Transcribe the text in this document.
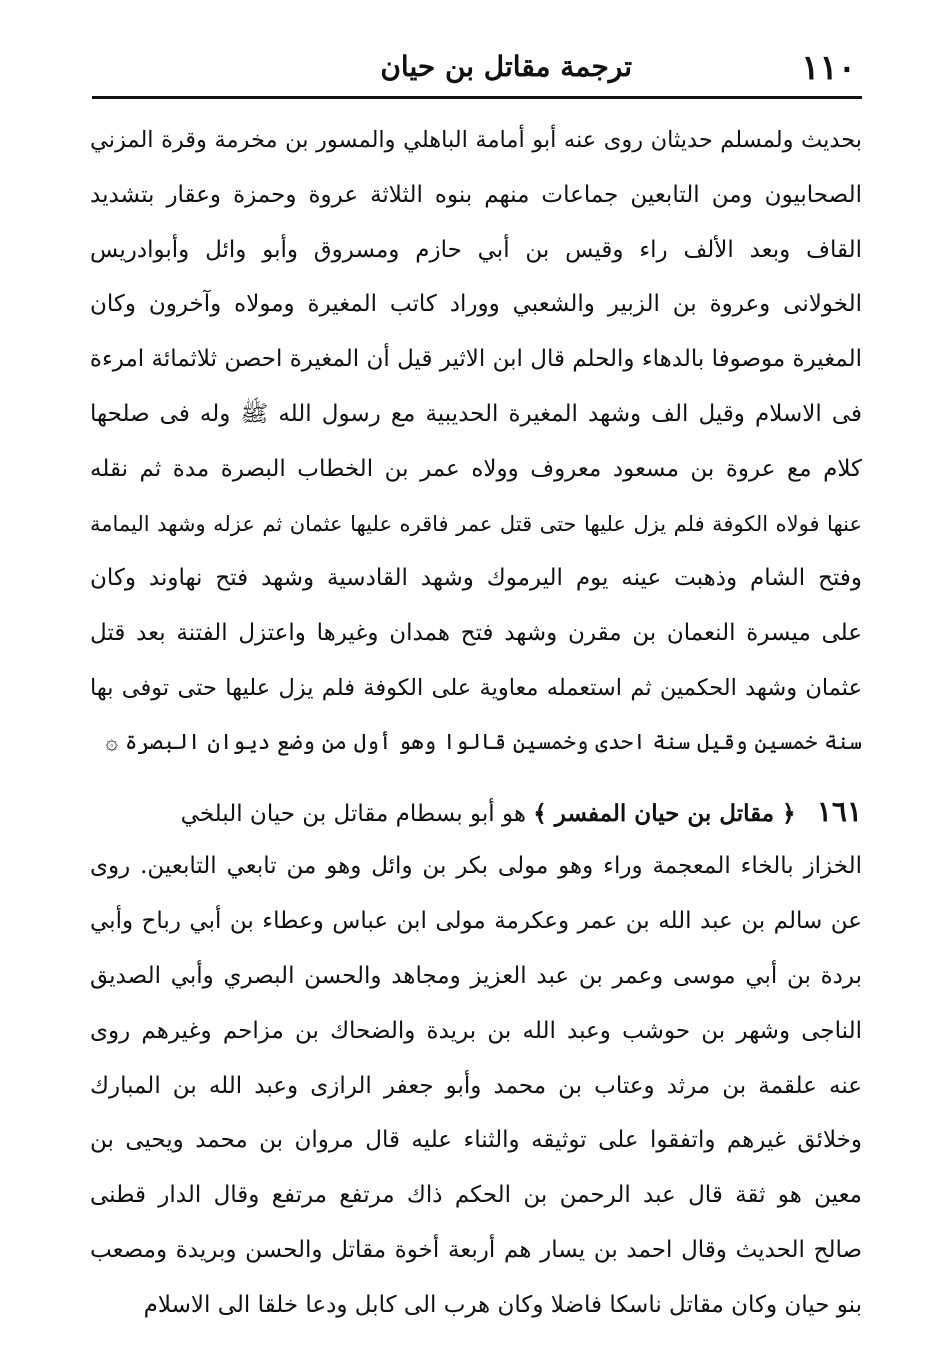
١١٠
ترجمة مقاتل بن حيان
بحديث ولمسلم حديثان روى عنه أبو أمامة الباهلي والمسور بن مخرمة وقرة المزني
الصحابيون ومن التابعين جماعات منهم بنوه الثلاثة عروة وحمزة وعقار بتشديد
القاف وبعد الألف راء وقيس بن أبي حازم ومسروق وأبو وائل وأبوادريس
الخولانى وعروة بن الزبير والشعبي ووراد كاتب المغيرة ومولاه وآخرون وكان
المغيرة موصوفا بالدهاء والحلم قال ابن الاثير قيل أن المغيرة احصن ثلاثمائة امرءة
فى الاسلام وقيل الف وشهد المغيرة الحديبية مع رسول الله ﷺ وله فى صلحها
كلام مع عروة بن مسعود معروف وولاه عمر بن الخطاب البصرة مدة ثم نقله
عنها فولاه الكوفة فلم يزل عليها حتى قتل عمر فاقره عليها عثمان ثم عزله وشهد اليمامة
وفتح الشام وذهبت عينه يوم اليرموك وشهد القادسية وشهد فتح نهاوند وكان
على ميسرة النعمان بن مقرن وشهد فتح همدان وغيرها واعتزل الفتنة بعد قتل
عثمان وشهد الحكمين ثم استعمله معاوية على الكوفة فلم يزل عليها حتى توفى بها
سنة خمسين وقيل سنة احدى وخمسين قالوا وهو أول من وضع ديوان البصرة ۞
١٦١ ﴿ مقاتل بن حيان المفسر ﴾ هو أبو بسطام مقاتل بن حيان البلخي
الخزاز بالخاء المعجمة وراء وهو مولى بكر بن وائل وهو من تابعي التابعين. روى
عن سالم بن عبد الله بن عمر وعكرمة مولى ابن عباس وعطاء بن أبي رباح وأبي
بردة بن أبي موسى وعمر بن عبد العزيز ومجاهد والحسن البصري وأبي الصديق
الناجى وشهر بن حوشب وعبد الله بن بريدة والضحاك بن مزاحم وغيرهم روى
عنه علقمة بن مرثد وعتاب بن محمد وأبو جعفر الرازى وعبد الله بن المبارك
وخلائق غيرهم واتفقوا على توثيقه والثناء عليه قال مروان بن محمد ويحيى بن
معين هو ثقة قال عبد الرحمن بن الحكم ذاك مرتفع مرتفع وقال الدار قطنى
صالح الحديث وقال احمد بن يسار هم أربعة أخوة مقاتل والحسن وبريدة ومصعب
بنو حيان وكان مقاتل ناسكا فاضلا وكان هرب الى كابل ودعا خلقا الى الاسلام
